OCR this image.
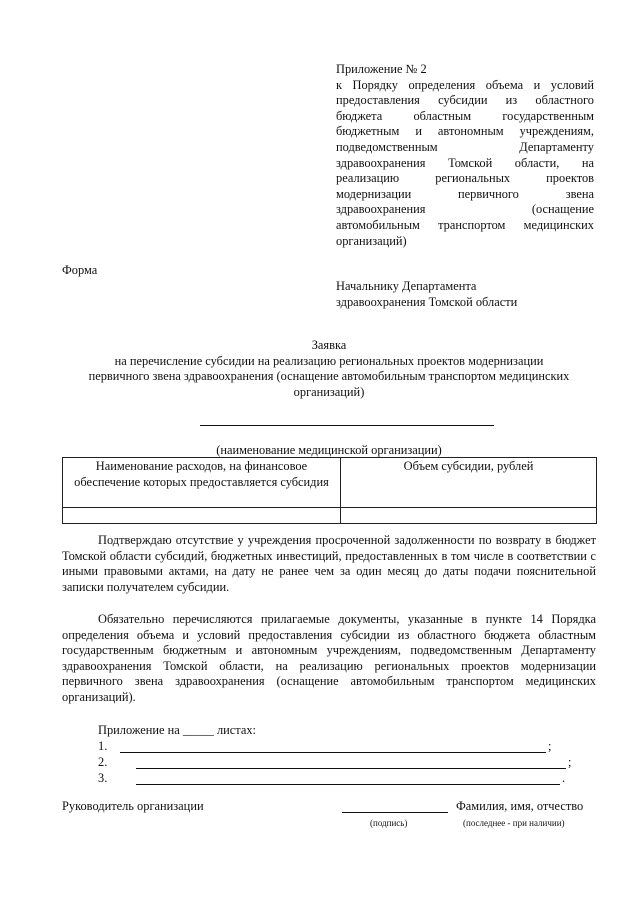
Приложение № 2
к Порядку определения объема и условий
предоставления субсидии из областного
бюджета областным государственным
бюджетным и автономным учреждениям,
подведомственным Департаменту
здравоохранения Томской области, на
реализацию региональных проектов
модернизации первичного звена
здравоохранения (оснащение
автомобильным транспортом медицинских
организаций)
Форма
Начальнику Департамента
здравоохранения Томской области
Заявка
на перечисление субсидии на реализацию региональных проектов модернизации
первичного звена здравоохранения (оснащение автомобильным транспортом медицинских
организаций)
(наименование медицинской организации)
Наименование расходов, на финансовое обеспечение которых предоставляется субсидия	Объем субсидии, рублей

Подтверждаю отсутствие у учреждения просроченной задолженности по возврату в бюджет Томской области субсидий, бюджетных инвестиций, предоставленных в том числе в соответствии с иными правовыми актами, на дату не ранее чем за один месяц до даты подачи пояснительной записки получателем субсидии.
Обязательно перечисляются прилагаемые документы, указанные в пункте 14 Порядка определения объема и условий предоставления субсидии из областного бюджета областным государственным бюджетным и автономным учреждениям, подведомственным Департаменту здравоохранения Томской области, на реализацию региональных проектов модернизации первичного звена здравоохранения (оснащение автомобильным транспортом медицинских организаций).
Приложение на _____ листах:
1.	;
2.	;
3.	.
Руководитель организации	Фамилия, имя, отчество
(подпись)	(последнее - при наличии)
